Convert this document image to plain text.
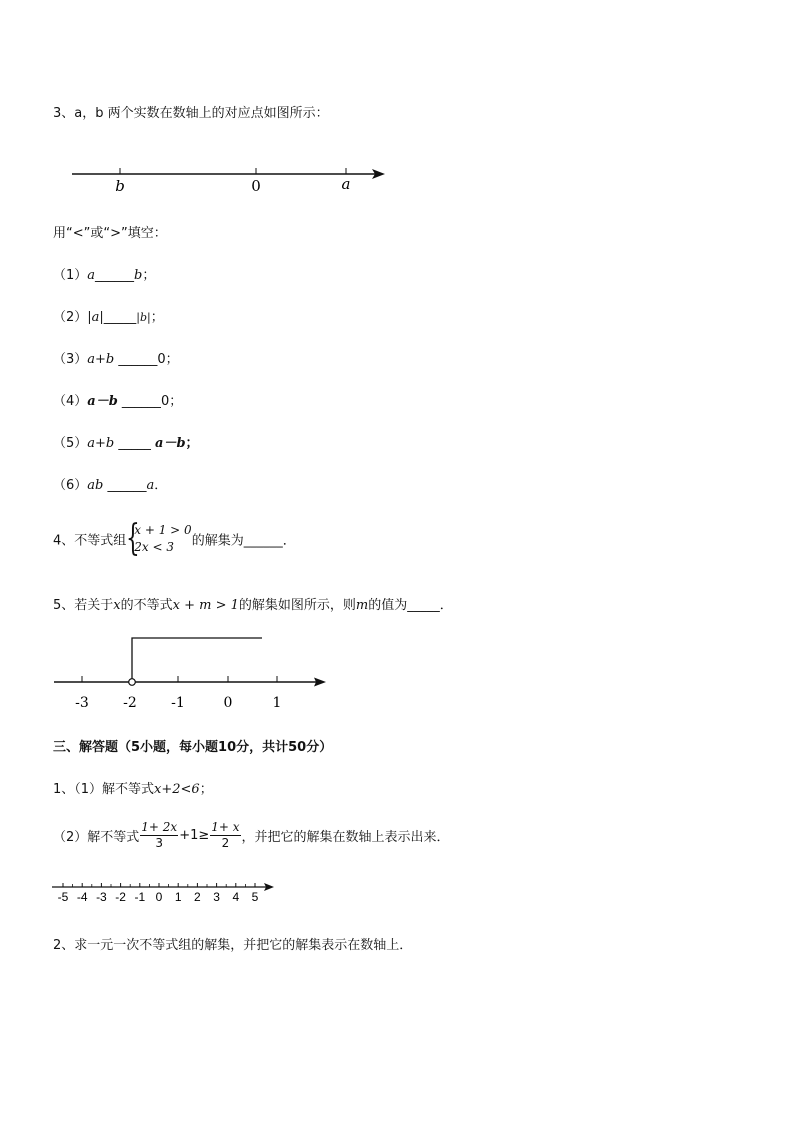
3、a，b 两个实数在数轴上的对应点如图所示：
b	0	a
用“<”或“>”填空：
（1）a______b；
（2）|a|_____|b|；
（3）a+b ______0；
（4）a－b ______0；
（5）a+b _____ a－b；
（6）ab ______a．
4、不等式组 {
x + 1 > 0
2x < 3	的解集为______．
5、若关于x的不等式x + m > 1的解集如图所示，则m的值为_____．
-3 -2 -1	0	1
三、解答题（5小题，每小题10分，共计50分）
1、（1）解不等式x+2<6；
（2）解不等式 $\frac{1+ 2x}{3} +1\ge \frac{1+ x}{2}$ ，并把它的解集在数轴上表示出来．
-5 -4 -3 -2 -1 0 1 2 3 4 5
2、求一元一次不等式组的解集，并把它的解集表示在数轴上．
